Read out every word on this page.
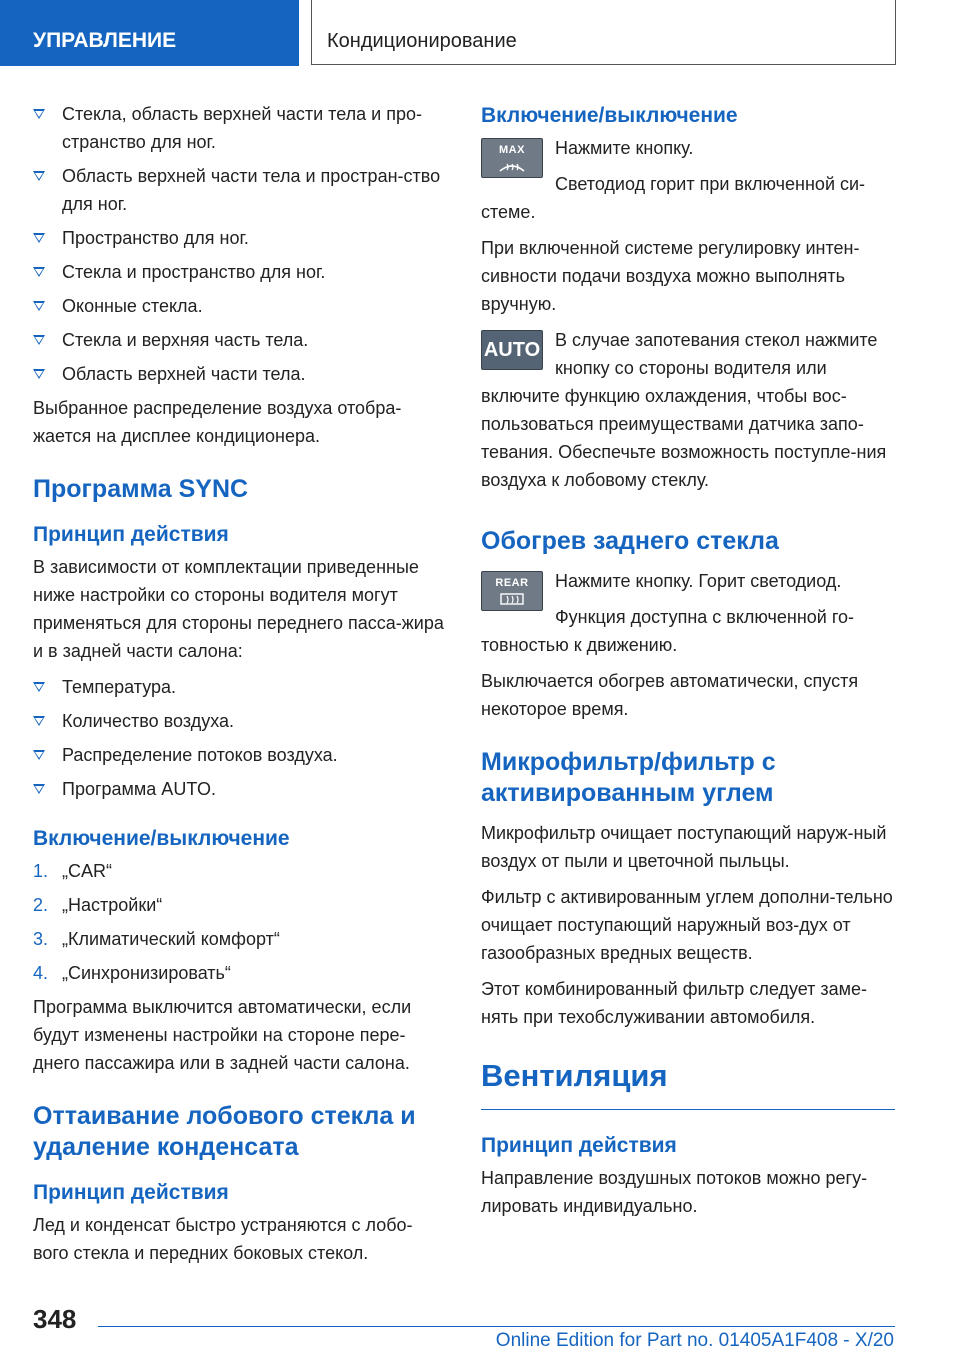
УПРАВЛЕНИЕ	Кондиционирование
Стекла, область верхней части тела и про-странство для ног.
Область верхней части тела и простран-ство для ног.
Пространство для ног.
Стекла и пространство для ног.
Оконные стекла.
Стекла и верхняя часть тела.
Область верхней части тела.

Выбранное распределение воздуха отобра-жается на дисплее кондиционера.

Программа SYNC
Принцип действия

В зависимости от комплектации приведенные ниже настройки со стороны водителя могут применяться для стороны переднего пасса-жира и в задней части салона:

Температура.
Количество воздуха.
Распределение потоков воздуха.
Программа AUTO.
Включение/выключение
1. „CAR“
2. „Настройки“
3. „Климатический комфорт“
4. „Синхронизировать“

Программа выключится автоматически, если будут изменены настройки на стороне пере-днего пассажира или в задней части салона.

Оттаивание лобового стекла и удаление конденсата
Принцип действия

Лед и конденсат быстро устраняются с лобо-вого стекла и передних боковых стекол.

Включение/выключение
MAX	Нажмите кнопку.

Светодиод горит при включенной си-стеме.

При включенной системе регулировку интен-сивности подачи воздуха можно выполнять вручную.

AUTO В случае запотевания стекол нажмите кнопку со стороны водителя или включите функцию охлаждения, чтобы вос-пользоваться преимуществами датчика запо-тевания. Обеспечьте возможность поступле-ния воздуха к лобовому стеклу.

Обогрев заднего стекла
REAR	Нажмите кнопку. Горит светодиод.

Функция доступна с включенной го-товностью к движению.

Выключается обогрев автоматически, спустя некоторое время.

Микрофильтр/фильтр с активированным углем

Микрофильтр очищает поступающий наруж-ный воздух от пыли и цветочной пыльцы.

Фильтр с активированным углем дополни-тельно очищает поступающий наружный воз-дух от газообразных вредных веществ.

Этот комбинированный фильтр следует заме-нять при техобслуживании автомобиля.

Вентиляция
Принцип действия

Направление воздушных потоков можно регу-лировать индивидуально.

348
Online Edition for Part no. 01405A1F408 - X/20
